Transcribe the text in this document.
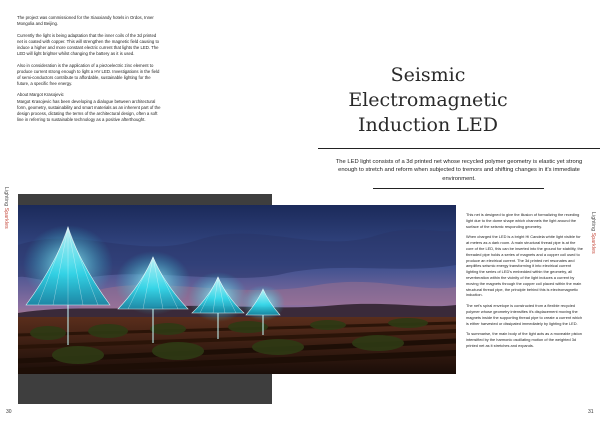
The project was commissioned for the Xiaoxiandy hotels in Ordos, Inner Mongolia and Beijing.

Currently the light is being adaptation that the inner coils of the 3d printed net is coated with copper. This will strengthen the magnetic field causing to induce a higher and more constant electric current that lights the LED. The LED will light brighter whilst changing the battery as it is used.

Also in consideration is the application of a piezoelectric zinc element to produce current strong enough to light a HV LED. Investigations in the field of semi-conductors contribute to affordable, sustainable lighting for the future, a specific free energy.

About Margot Krasojevic
Margot Krasojevic has been developing a dialogue between architectural form, geometry, sustainability and smart materials as an inherent part of the design process, dictating the terms of the architectural design, often a soft line in referring to sustainable technology as a positive afterthought.

Lighting Sparkles
30
Seismic Electromagnetic Induction LED

The LED light consists of a 3d printed net whose recycled polymer geometry is elastic yet strong enough to stretch and reform when subjected to tremors and shifting changes in it's immediate environment.

This net is designed to give the illusion of formalizing the receding light due to the dome shape which channels the light around the surface of the seismic responding geometry.

When charged the LED is a bright Hi Candela white light visible for at meters as a dark room. A main structural thread pipe is at the core of the LED, this can be inserted into the ground for stability, the threaded pipe holds a series of magnets and a copper coil used to produce an electrical current. The 3d printed net resonates and amplifies seismic energy transforming it into electrical current lighting the series of LED's embedded within the geometry, all reverberation within the vicinity of the light induces a current by moving the magnets through the copper coil placed within the main structural thread pipe, the principle behind this is electromagnetic induction.

The net's spiral envelope is constructed from a flexible recycled polymer whose geometry intensifies it's displacement moving the magnets inside the supporting thread pipe to create a current which is either harvested or dissipated immediately by lighting the LED.

To summarise, the main body of the light acts as a moveable piston intensified by the harmonic oscillating motion of the weighted 3d printed net as it stretches and expands.

Lighting Sparkles
31
